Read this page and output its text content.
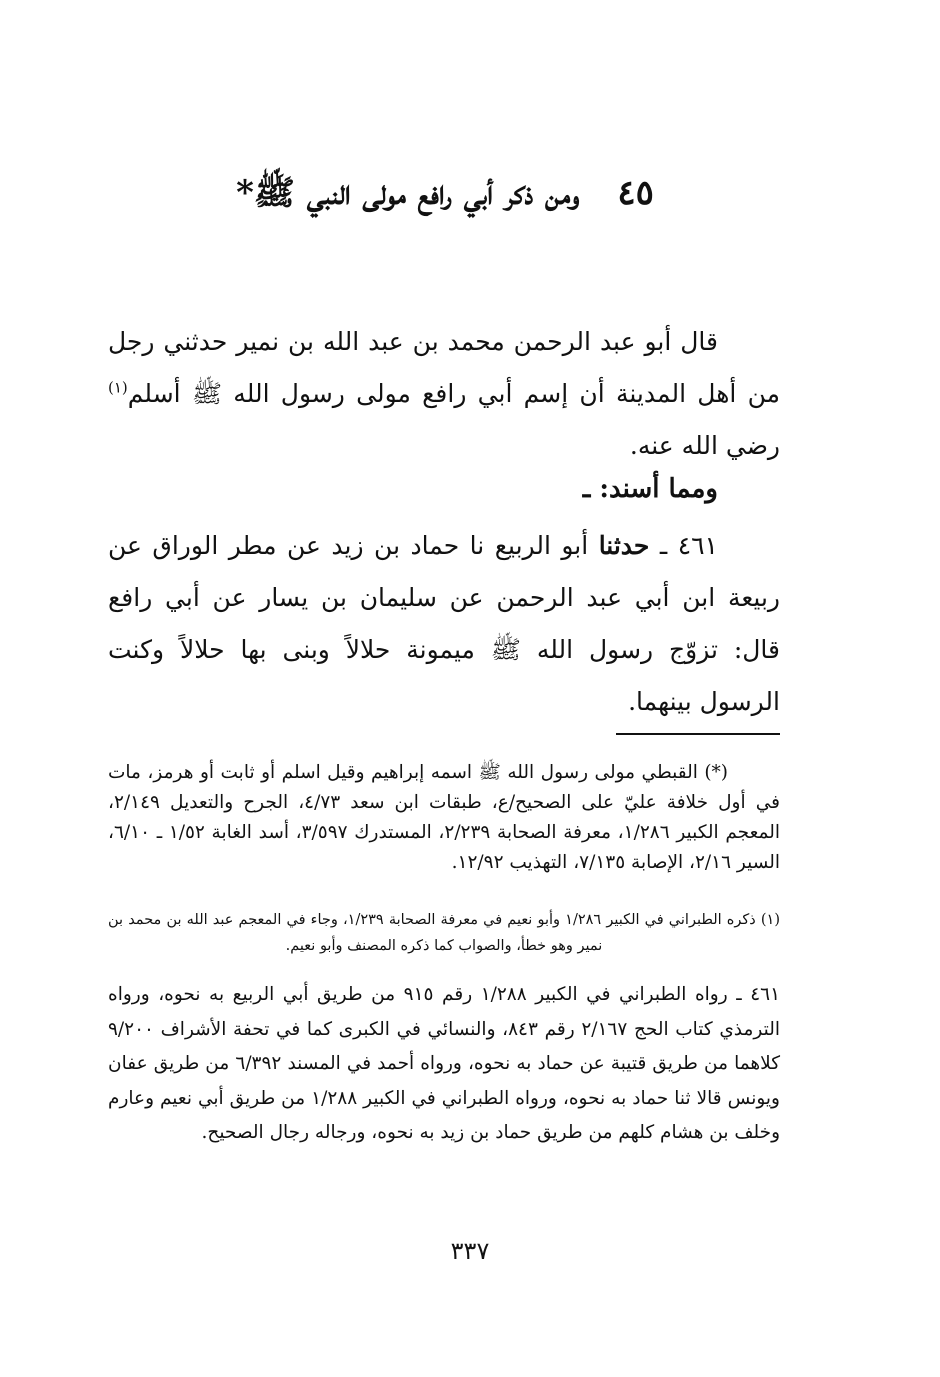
٤٥ ومن ذكر أبي رافع مولى النبي ﷺ*
قال أبو عبد الرحمن محمد بن عبد الله بن نمير حدثني رجل من أهل المدينة أن إسم أبي رافع مولى رسول الله ﷺ أسلم$^{(١)}$ رضي الله عنه.
ومما أسند: ـ
٤٦١ ـ حدثنا أبو الربيع نا حماد بن زيد عن مطر الوراق عن ربيعة ابن أبي عبد الرحمن عن سليمان بن يسار عن أبي رافع قال: تزوّج رسول الله ﷺ ميمونة حلالاً وبنى بها حلالاً وكنت الرسول بينهما.
(*) القبطي مولى رسول الله ﷺ اسمه إبراهيم وقيل اسلم أو ثابت أو هرمز، مات في أول خلافة عليّ على الصحيح/ع، طبقات ابن سعد ٤/٧٣، الجرح والتعديل ٢/١٤٩، المعجم الكبير ١/٢٨٦، معرفة الصحابة ٢/٢٣٩، المستدرك ٣/٥٩٧، أسد الغابة ١/٥٢ ـ ٦/١٠، السير ٢/١٦، الإصابة ٧/١٣٥، التهذيب ١٢/٩٢.
(١) ذكره الطبراني في الكبير ١/٢٨٦ وأبو نعيم في معرفة الصحابة ١/٢٣٩، وجاء في المعجم عبد الله بن محمد بن نمير وهو خطأ، والصواب كما ذكره المصنف وأبو نعيم.
٤٦١ ـ رواه الطبراني في الكبير ١/٢٨٨ رقم ٩١٥ من طريق أبي الربيع به نحوه، ورواه الترمذي كتاب الحج ٢/١٦٧ رقم ٨٤٣، والنسائي في الكبرى كما في تحفة الأشراف ٩/٢٠٠ كلاهما من طريق قتيبة عن حماد به نحوه، ورواه أحمد في المسند ٦/٣٩٢ من طريق عفان ويونس قالا ثنا حماد به نحوه، ورواه الطبراني في الكبير ١/٢٨٨ من طريق أبي نعيم وعارم وخلف بن هشام كلهم من طريق حماد بن زيد به نحوه، ورجاله رجال الصحيح.
٣٣٧
